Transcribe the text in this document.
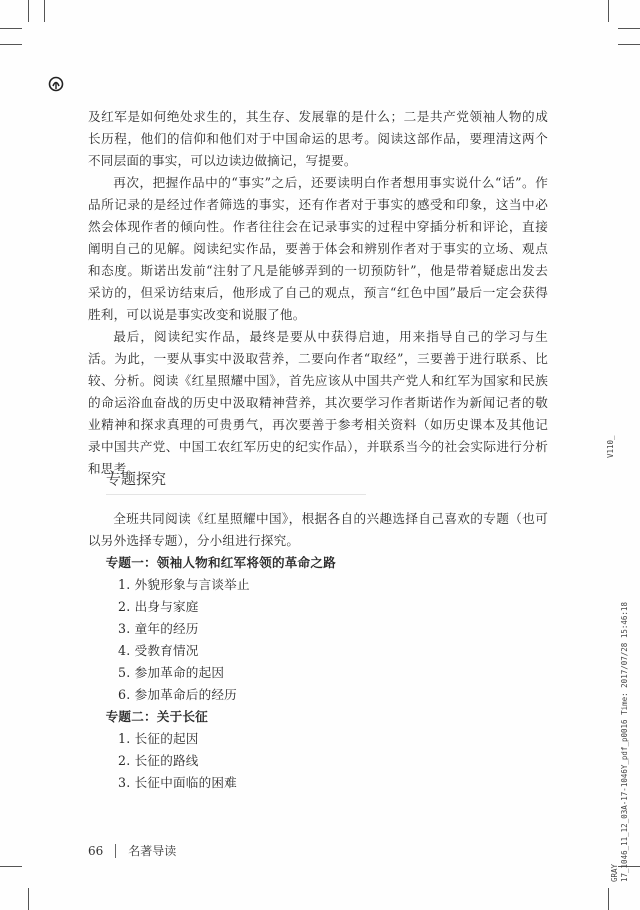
及红军是如何绝处求生的，其生存、发展靠的是什么；二是共产党领袖人物的成长历程，他们的信仰和他们对于中国命运的思考。阅读这部作品，要理清这两个不同层面的事实，可以边读边做摘记，写提要。

再次，把握作品中的“事实”之后，还要读明白作者想用事实说什么“话”。作品所记录的是经过作者筛选的事实，还有作者对于事实的感受和印象，这当中必然会体现作者的倾向性。作者往往会在记录事实的过程中穿插分析和评论，直接阐明自己的见解。阅读纪实作品，要善于体会和辨别作者对于事实的立场、观点和态度。斯诺出发前“注射了凡是能够弄到的一切预防针”，他是带着疑虑出发去采访的，但采访结束后，他形成了自己的观点，预言“红色中国”最后一定会获得胜利，可以说是事实改变和说服了他。

最后，阅读纪实作品，最终是要从中获得启迪，用来指导自己的学习与生活。为此，一要从事实中汲取营养，二要向作者“取经”，三要善于进行联系、比较、分析。阅读《红星照耀中国》，首先应该从中国共产党人和红军为国家和民族的命运浴血奋战的历史中汲取精神营养，其次要学习作者斯诺作为新闻记者的敬业精神和探求真理的可贵勇气，再次要善于参考相关资料（如历史课本及其他记录中国共产党、中国工农红军历史的纪实作品），并联系当今的社会实际进行分析和思考。

专题探究

全班共同阅读《红星照耀中国》，根据各自的兴趣选择自己喜欢的专题（也可以另外选择专题），分小组进行探究。

专题一：领袖人物和红军将领的革命之路

1. 外貌形象与言谈举止

2. 出身与家庭

3. 童年的经历

4. 受教育情况

5. 参加革命的起因

6. 参加革命后的经历

专题二：关于长征

1. 长征的起因

2. 长征的路线

3. 长征中面临的困难

66 名著导读
V110_
17_1046_11_12_03A-17-1046Y_pdf_p0016 Time: 2017/07/28 15:46:18
GRAY
